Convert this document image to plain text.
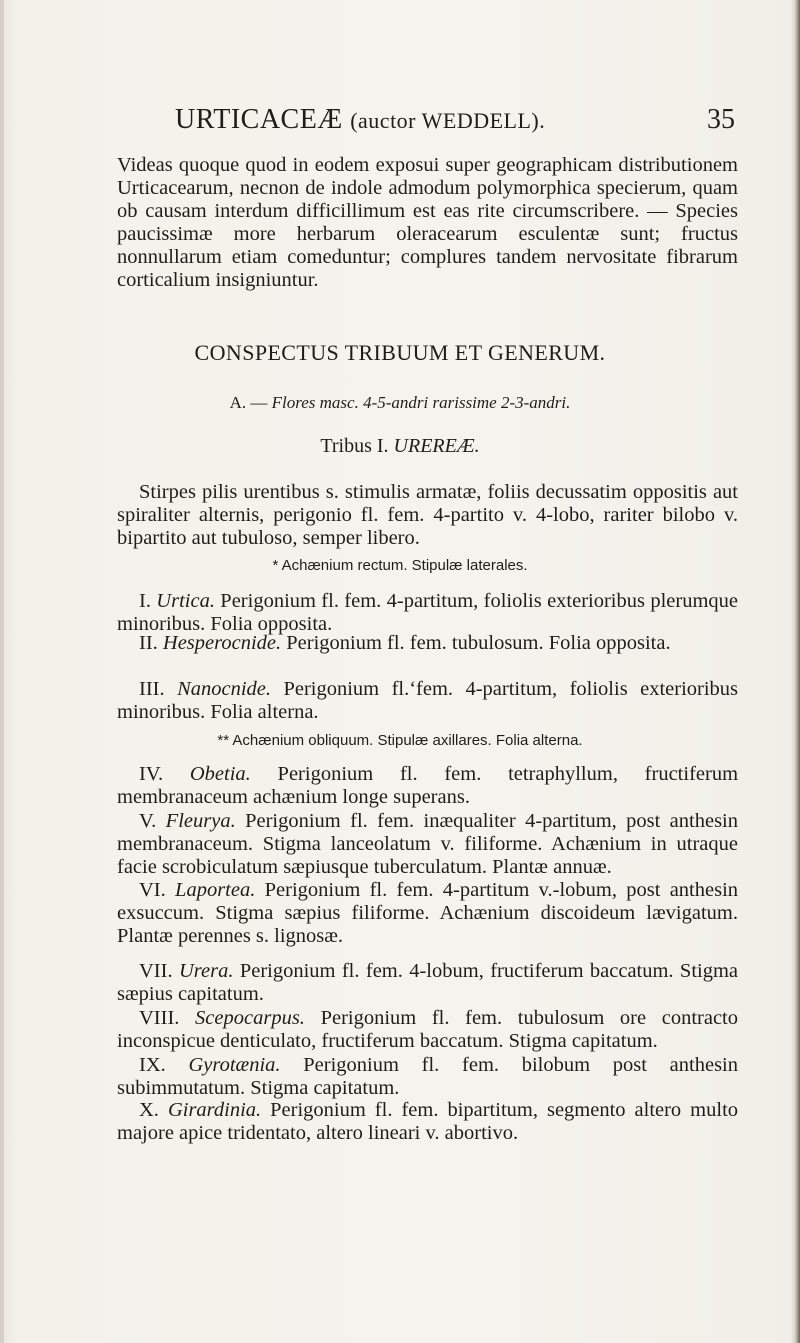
URTICACEÆ (auctor WEDDELL).	35
Videas quoque quod in eodem exposui super geographicam distributionem Urticacearum, necnon de indole admodum polymorphica specierum, quam ob causam interdum difficillimum est eas rite circumscribere. — Species paucissimæ more herbarum oleracearum esculentæ sunt; fructus nonnullarum etiam comeduntur; complures tandem nervositate fibrarum corticalium insigniuntur.
CONSPECTUS TRIBUUM ET GENERUM.
A. — Flores masc. 4-5-andri rarissime 2-3-andri.
Tribus I. UREREÆ.
Stirpes pilis urentibus s. stimulis armatæ, foliis decussatim oppositis aut spiraliter alternis, perigonio fl. fem. 4-partito v. 4-lobo, rariter bilobo v. bipartito aut tubuloso, semper libero.
* Achænium rectum. Stipulæ laterales.
I. Urtica. Perigonium fl. fem. 4-partitum, foliolis exterioribus plerumque minoribus. Folia opposita.
II. Hesperocnide. Perigonium fl. fem. tubulosum. Folia opposita.
III. Nanocnide. Perigonium fl.‘fem. 4-partitum, foliolis exterioribus minoribus. Folia alterna.
** Achænium obliquum. Stipulæ axillares. Folia alterna.
IV. Obetia. Perigonium fl. fem. tetraphyllum, fructiferum membranaceum achænium longe superans.
V. Fleurya. Perigonium fl. fem. inæqualiter 4-partitum, post anthesin membranaceum. Stigma lanceolatum v. filiforme. Achænium in utraque facie scrobiculatum sæpiusque tuberculatum. Plantæ annuæ.
VI. Laportea. Perigonium fl. fem. 4-partitum v.-lobum, post anthesin exsuccum. Stigma sæpius filiforme. Achænium discoideum lævigatum. Plantæ perennes s. lignosæ.
VII. Urera. Perigonium fl. fem. 4-lobum, fructiferum baccatum. Stigma sæpius capitatum.
VIII. Scepocarpus. Perigonium fl. fem. tubulosum ore contracto inconspicue denticulato, fructiferum baccatum. Stigma capitatum.
IX. Gyrotænia. Perigonium fl. fem. bilobum post anthesin subimmutatum. Stigma capitatum.
X. Girardinia. Perigonium fl. fem. bipartitum, segmento altero multo majore apice tridentato, altero lineari v. abortivo.
